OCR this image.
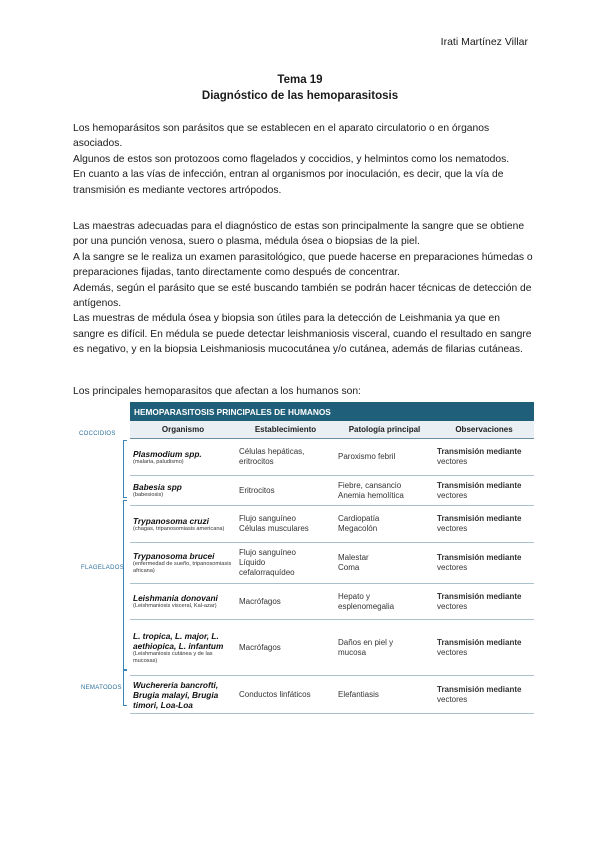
Irati Martínez Villar
Tema 19
Diagnóstico de las hemoparasitosis

Los hemoparásitos son parásitos que se establecen en el aparato circulatorio o en órganos asociados.

Algunos de estos son protozoos como flagelados y coccidios, y helmintos como los nematodos.

En cuanto a las vías de infección, entran al organismos por inoculación, es decir, que la vía de transmisión es mediante vectores artrópodos.

Las maestras adecuadas para el diagnóstico de estas son principalmente la sangre que se obtiene por una punción venosa, suero o plasma, médula ósea o biopsias de la piel.

A la sangre se le realiza un examen parasitológico, que puede hacerse en preparaciones húmedas o preparaciones fijadas, tanto directamente como después de concentrar.

Además, según el parásito que se esté buscando también se podrán hacer técnicas de detección de antígenos.

Las muestras de médula ósea y biopsia son útiles para la detección de Leishmania ya que en sangre es difícil. En médula se puede detectar leishmaniosis visceral, cuando el resultado en sangre es negativo, y en la biopsia Leishmaniosis mucocutánea y/o cutánea, además de filarias cutáneas.

Los principales hemoparasitos que afectan a los humanos son:

COCCIDIOS
FLAGELADOS
NEMATODOS
HEMOPARASITOSIS PRINCIPALES DE HUMANOS			
Organismo	Establecimiento	Patología principal	Observaciones

Plasmodium spp.
(malaria, paludismo)	Células hepáticas,
eritrocitos	Paroxismo febril	Transmisión mediante
vectores

Babesia spp
(babesiosis)	Eritrocitos	Fiebre, cansancio
Anemia hemolítica	Transmisión mediante
vectores

Trypanosoma cruzi
(chagas, tripanosomiasis americana)	Flujo sanguíneo
Células musculares	Cardiopatía
Megacolón	Transmisión mediante
vectores

Trypanosoma brucei
(enfermedad de sueño, tripanosomiasis africana)	Flujo sanguíneo
Líquido
cefalorraquídeo	Malestar
Coma	Transmisión mediante
vectores

Leishmania donovani
(Leishmaniosis visceral, Kal-azar)	Macrófagos	Hepato y
esplenomegalia	Transmisión mediante
vectores

L. tropica, L. major, L. aethiopica, L. infantum
(Leishmaniosis cutánea y de las mucosas)	Macrófagos	Daños en piel y
mucosa	Transmisión mediante
vectores

Wuchereria bancrofti, Brugia malayi, Brugia timori, Loa-Loa	Conductos linfáticos	Elefantiasis	Transmisión mediante
vectores
